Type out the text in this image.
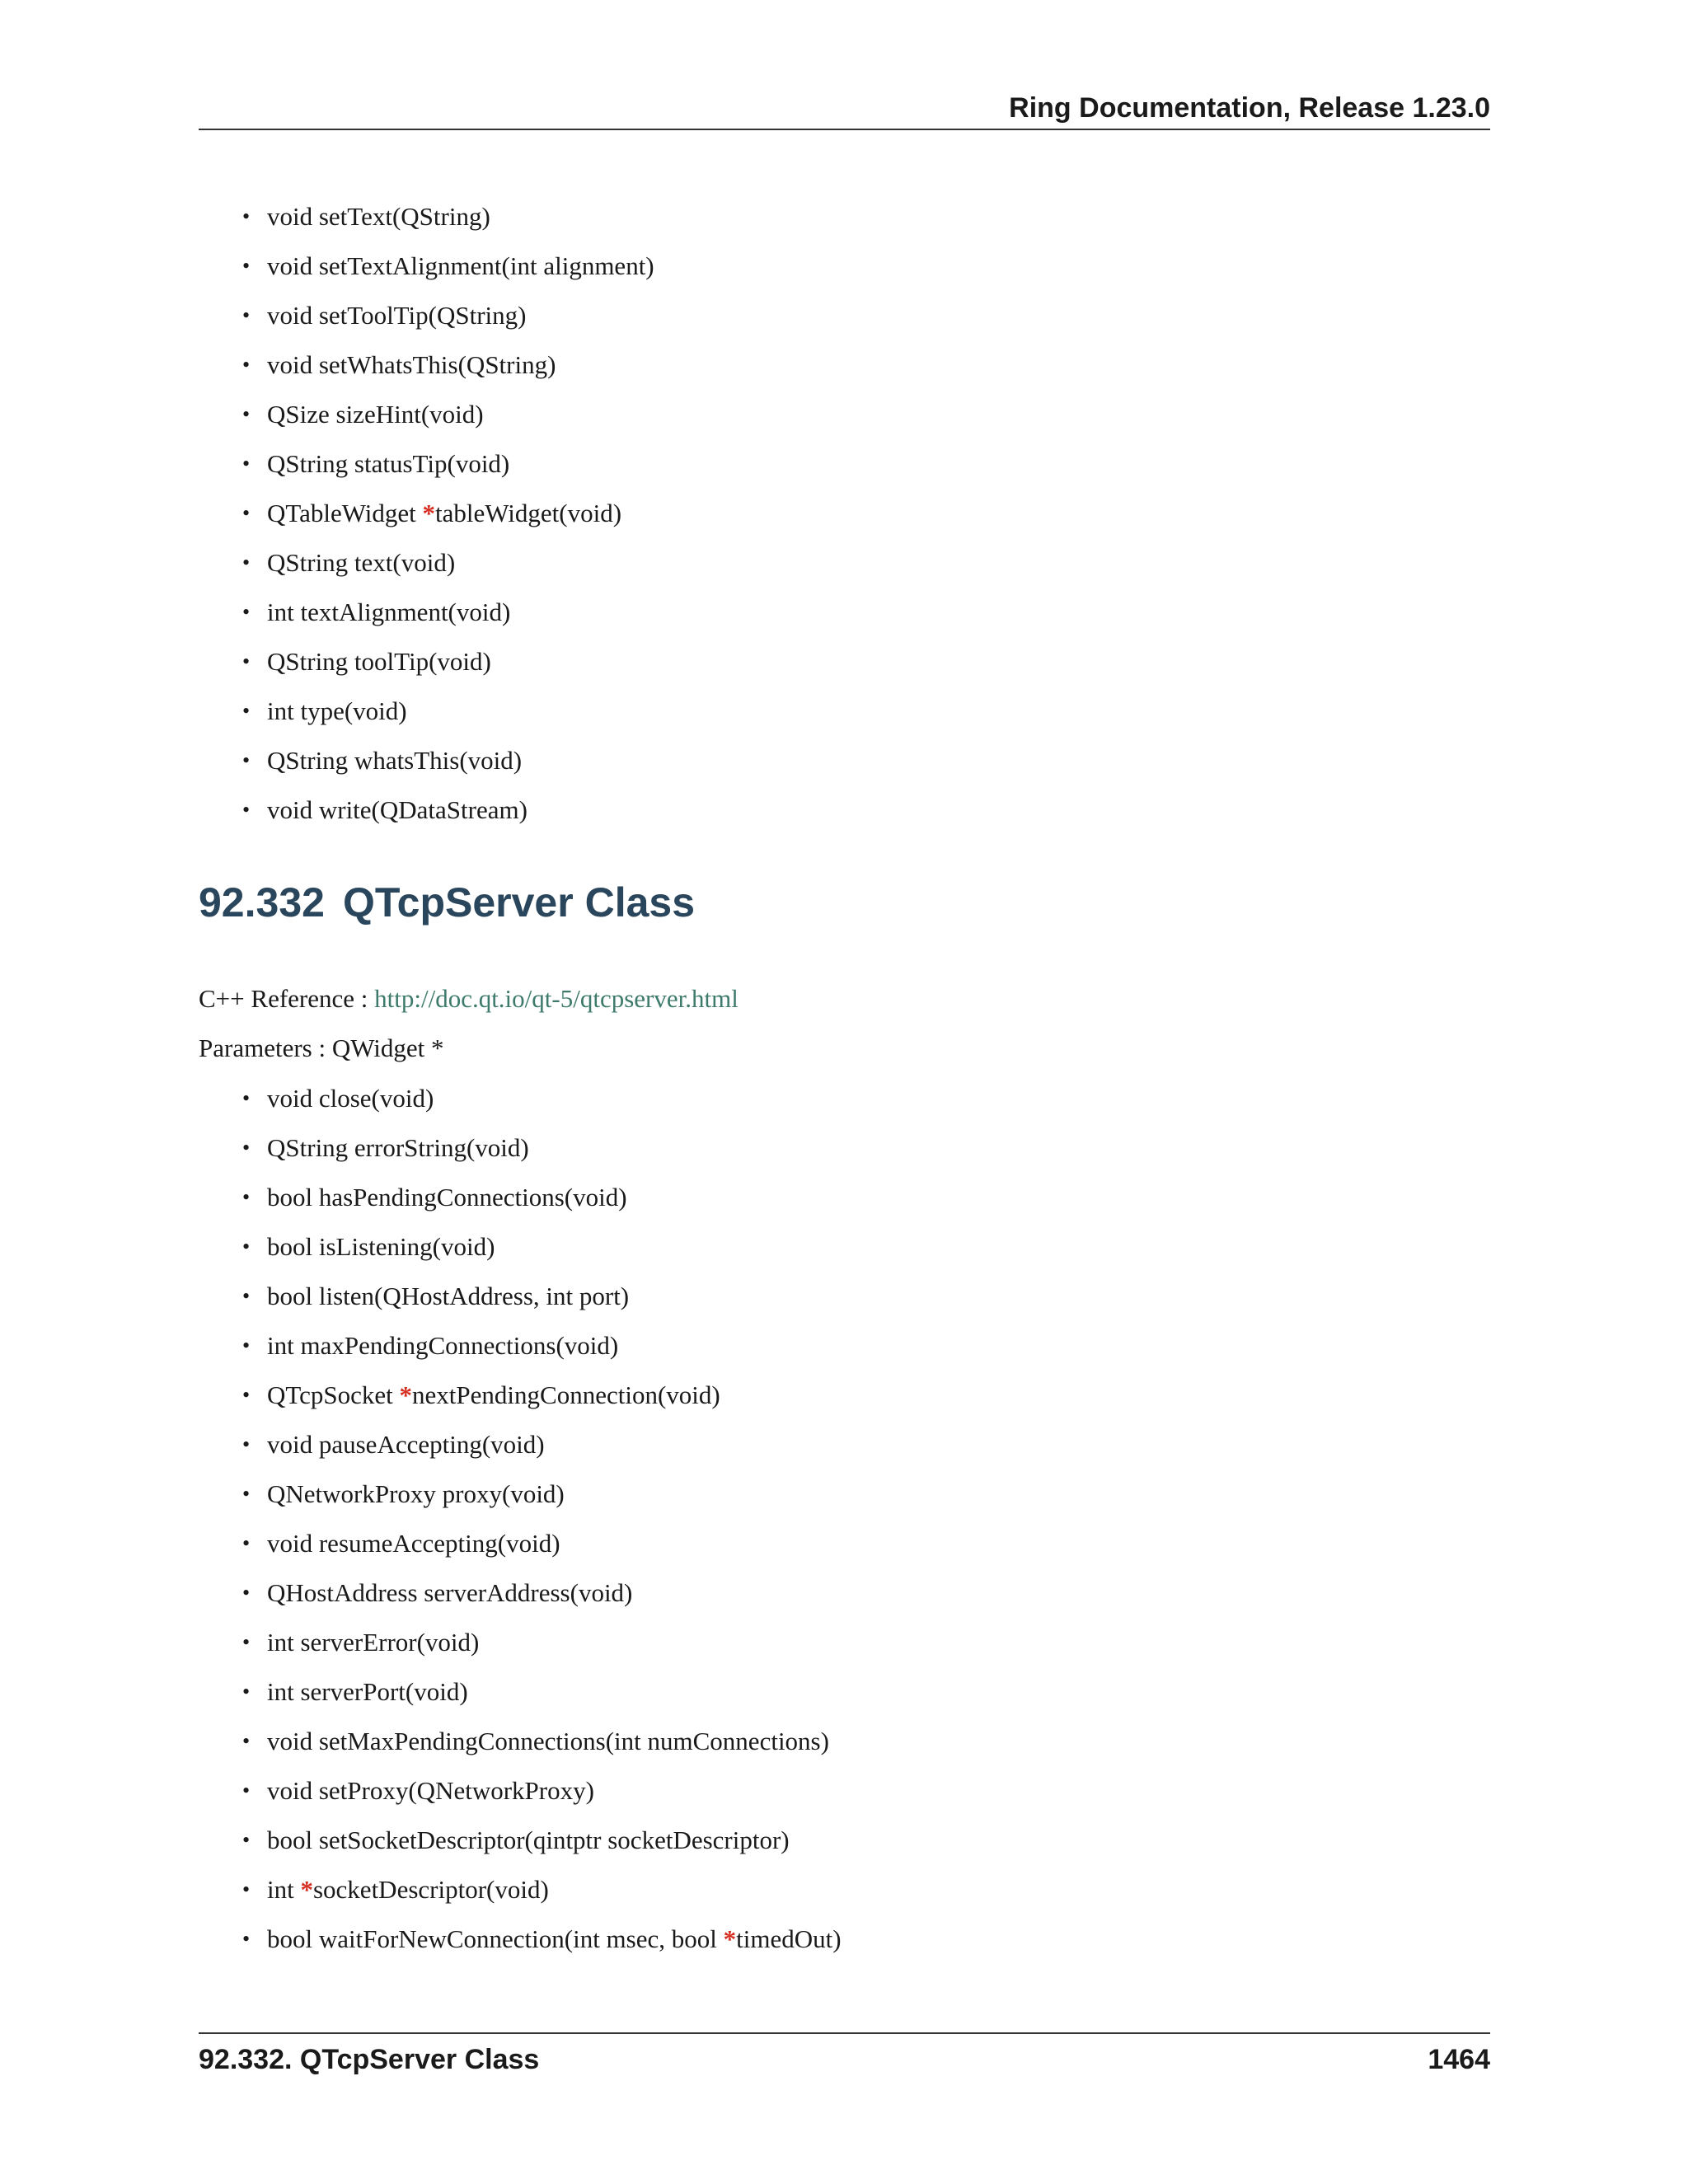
Ring Documentation, Release 1.23.0
• void setText(QString)
• void setTextAlignment(int alignment)
• void setToolTip(QString)
• void setWhatsThis(QString)
• QSize sizeHint(void)
• QString statusTip(void)
• QTableWidget *tableWidget(void)
• QString text(void)
• int textAlignment(void)
• QString toolTip(void)
• int type(void)
• QString whatsThis(void)
• void write(QDataStream)
92.332 QTcpServer Class
C++ Reference : http://doc.qt.io/qt-5/qtcpserver.html
Parameters : QWidget *
• void close(void)
• QString errorString(void)
• bool hasPendingConnections(void)
• bool isListening(void)
• bool listen(QHostAddress, int port)
• int maxPendingConnections(void)
• QTcpSocket *nextPendingConnection(void)
• void pauseAccepting(void)
• QNetworkProxy proxy(void)
• void resumeAccepting(void)
• QHostAddress serverAddress(void)
• int serverError(void)
• int serverPort(void)
• void setMaxPendingConnections(int numConnections)
• void setProxy(QNetworkProxy)
• bool setSocketDescriptor(qintptr socketDescriptor)
• int *socketDescriptor(void)
• bool waitForNewConnection(int msec, bool *timedOut)
92.332. QTcpServer Class	1464
